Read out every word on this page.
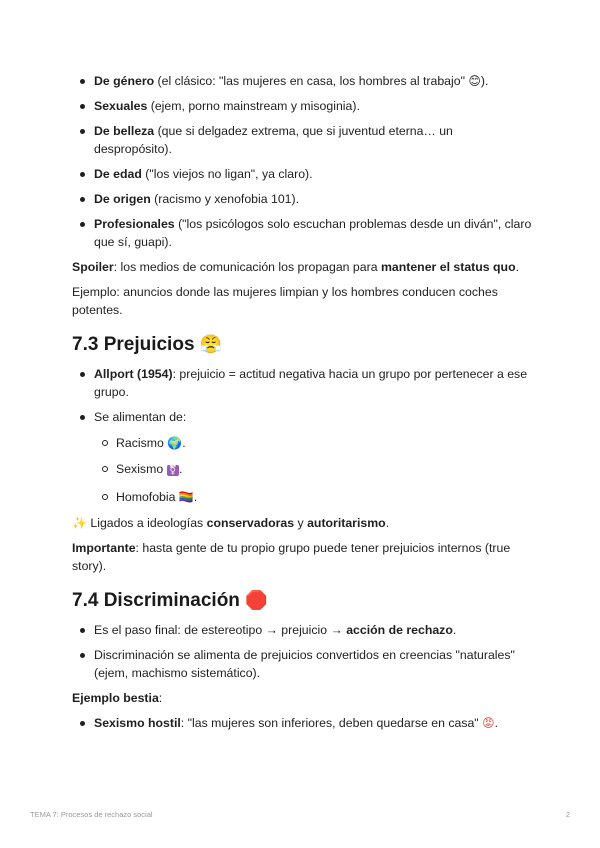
De género (el clásico: "las mujeres en casa, los hombres al trabajo" 😊).
Sexuales (ejem, porno mainstream y misoginia).
De belleza (que si delgadez extrema, que si juventud eterna… un despropósito).
De edad ("los viejos no ligan", ya claro).
De origen (racismo y xenofobia 101).
Profesionales ("los psicólogos solo escuchan problemas desde un diván", claro que sí, guapi).

Spoiler: los medios de comunicación los propagan para mantener el status quo.

Ejemplo: anuncios donde las mujeres limpian y los hombres conducen coches potentes.

7.3 Prejuicios 😤
Allport (1954): prejuicio = actitud negativa hacia un grupo por pertenecer a ese grupo.
Se alimentan de:
Racismo 🌍.
Sexismo ⚧ .
Homofobia 🏳️‍🌈.

✨ Ligados a ideologías conservadoras y autoritarismo.

Importante: hasta gente de tu propio grupo puede tener prejuicios internos (true story).

7.4 Discriminación 🛑
Es el paso final: de estereotipo → prejuicio → acción de rechazo.
Discriminación se alimenta de prejuicios convertidos en creencias "naturales" (ejem, machismo sistemático).

Ejemplo bestia:

Sexismo hostil: "las mujeres son inferiores, deben quedarse en casa" 😡.
TEMA 7: Procesos de rechazo social	2
